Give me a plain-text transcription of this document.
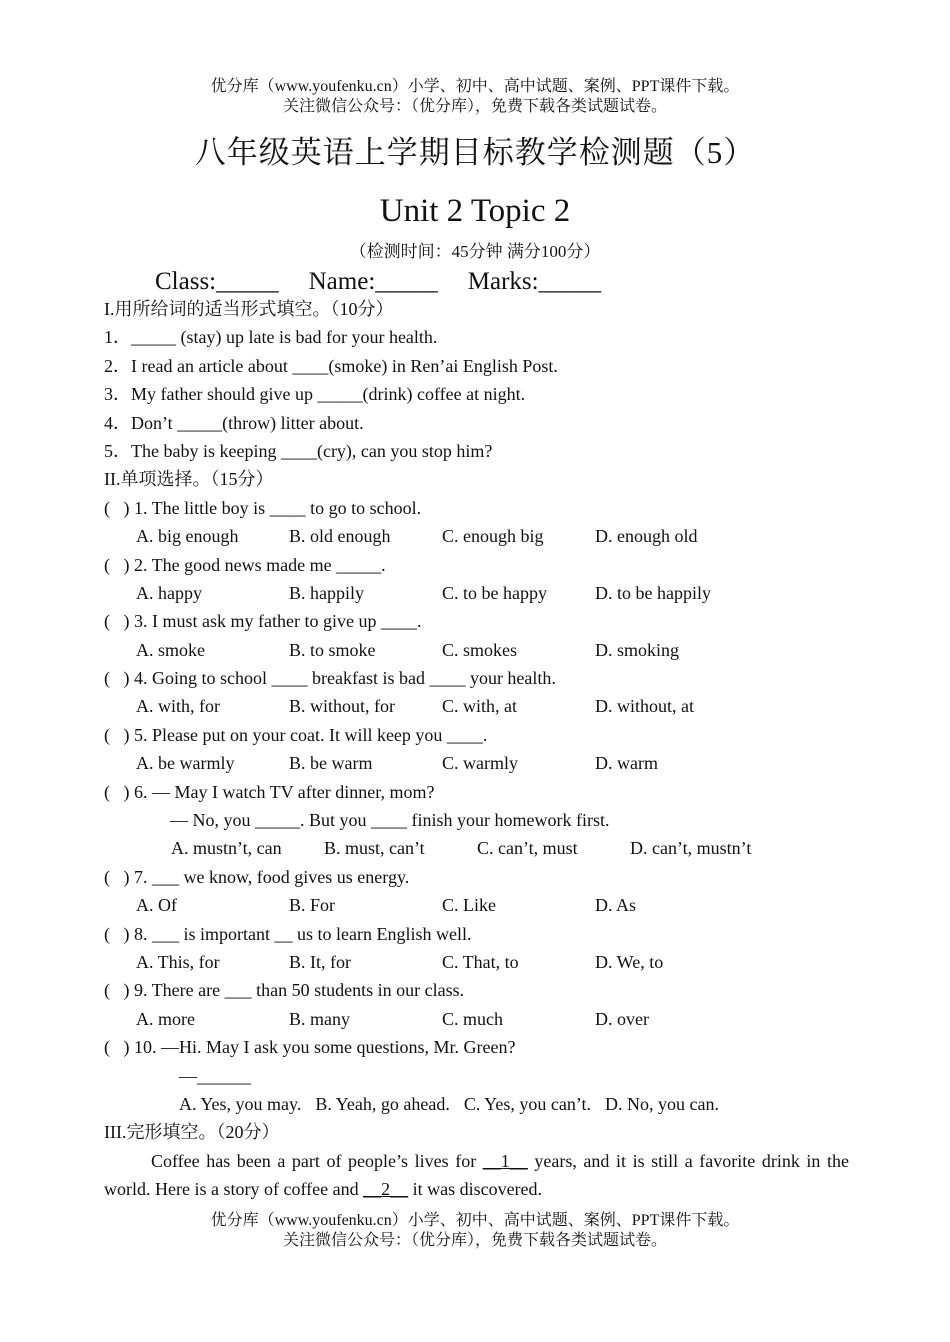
优分库（www.youfenku.cn）小学、初中、高中试题、案例、PPT课件下载。
关注微信公众号：（优分库），免费下载各类试题试卷。
八年级英语上学期目标教学检测题（5）
Unit 2 Topic 2
（检测时间：45分钟 满分100分）
Class:_____ Name:_____ Marks:_____
I.用所给词的适当形式填空。（10分）
1．_____ (stay) up late is bad for your health.
2．I read an article about ____(smoke) in Ren’ai English Post.
3．My father should give up _____(drink) coffee at night.
4．Don’t _____(throw) litter about.
5．The baby is keeping ____(cry), can you stop him?
II.单项选择。（15分）
(   ) 1. The little boy is ____ to go to school.
A. big enough	B. old enough	C. enough big	D. enough old
(   ) 2. The good news made me _____.
A. happy	B. happily	C. to be happy	D. to be happily
(   ) 3. I must ask my father to give up ____.
A. smoke	B. to smoke	C. smokes	D. smoking
(   ) 4. Going to school ____ breakfast is bad ____ your health.
A. with, for	B. without, for	C. with, at	D. without, at
(   ) 5. Please put on your coat. It will keep you ____.
A. be warmly	B. be warm	C. warmly	D. warm
(   ) 6. — May I watch TV after dinner, mom?
— No, you _____. But you ____ finish your homework first.
A. mustn’t, can	B. must, can’t	C. can’t, must	D. can’t, mustn’t
(   ) 7. ___ we know, food gives us energy.
A. Of	B. For	C. Like	D. As
(   ) 8. ___ is important __ us to learn English well.
A. This, for	B. It, for	C. That, to	D. We, to
(   ) 9. There are ___ than 50 students in our class.
A. more	B. many	C. much	D. over
(   ) 10. —Hi. May I ask you some questions, Mr. Green?
—______
A. Yes, you may. B. Yeah, go ahead. C. Yes, you can’t. D. No, you can.
III.完形填空。（20分）
Coffee has been a part of people’s lives for __1__ years, and it is still a favorite drink in the world. Here is a story of coffee and __2__ it was discovered.
优分库（www.youfenku.cn）小学、初中、高中试题、案例、PPT课件下载。
关注微信公众号：（优分库），免费下载各类试题试卷。
